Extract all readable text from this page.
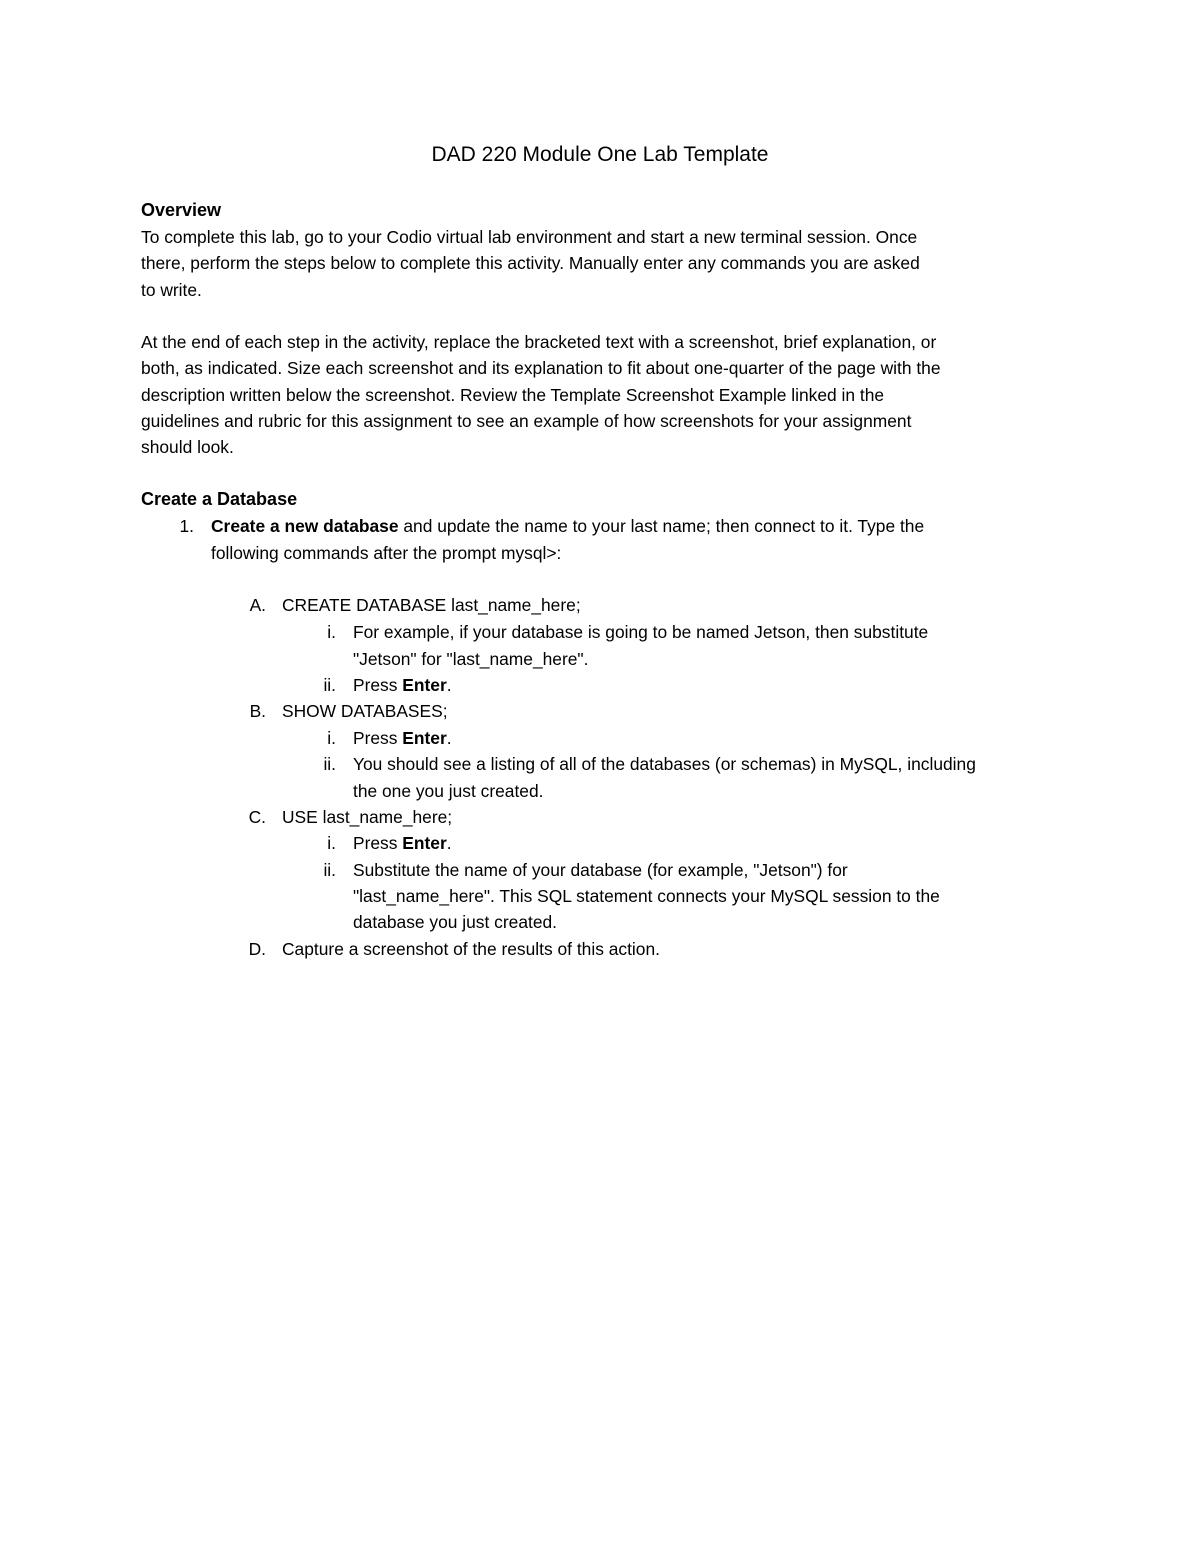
DAD 220 Module One Lab Template
Overview
To complete this lab, go to your Codio virtual lab environment and start a new terminal session. Once
there, perform the steps below to complete this activity. Manually enter any commands you are asked
to write.
At the end of each step in the activity, replace the bracketed text with a screenshot, brief explanation, or
both, as indicated. Size each screenshot and its explanation to fit about one-quarter of the page with the
description written below the screenshot. Review the Template Screenshot Example linked in the
guidelines and rubric for this assignment to see an example of how screenshots for your assignment
should look.
Create a Database
1. Create a new database and update the name to your last name; then connect to it. Type the
following commands after the prompt mysql>:
A. CREATE DATABASE last_name_here;
i. For example, if your database is going to be named Jetson, then substitute
"Jetson" for "last_name_here".
ii. Press Enter.
B. SHOW DATABASES;
i. Press Enter.
ii. You should see a listing of all of the databases (or schemas) in MySQL, including
the one you just created.
C. USE last_name_here;
i. Press Enter.
ii. Substitute the name of your database (for example, "Jetson") for
"last_name_here". This SQL statement connects your MySQL session to the
database you just created.
D. Capture a screenshot of the results of this action.
